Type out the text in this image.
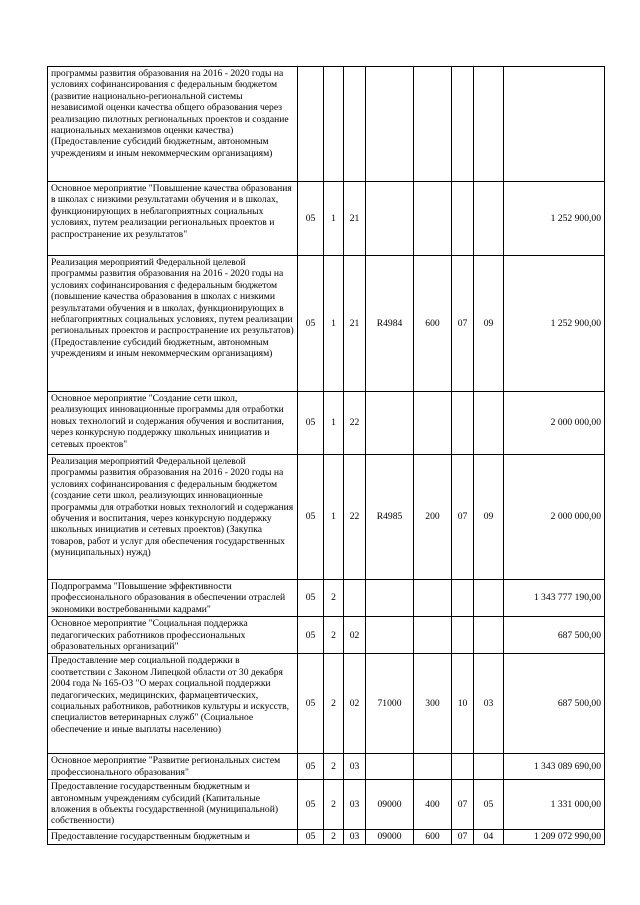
программы развития образования на 2016 - 2020 годы на условиях софинансирования с федеральным бюджетом (развитие национально-региональной системы независимой оценки качества общего образования через реализацию пилотных региональных проектов и создание национальных механизмов оценки качества) (Предоставление субсидий бюджетным, автономным учреждениям и иным некоммерческим организациям)								
Основное мероприятие "Повышение качества образования в школах с низкими результатами обучения и в школах, функционирующих в неблагоприятных социальных условиях, путем реализации региональных проектов и распространение их результатов"	05	1	21					1 252 900,00
Реализация мероприятий Федеральной целевой программы развития образования на 2016 - 2020 годы на условиях софинансирования с федеральным бюджетом (повышение качества образования в школах с низкими результатами обучения и в школах, функционирующих в неблагоприятных социальных условиях, путем реализации региональных проектов и распространение их результатов) (Предоставление субсидий бюджетным, автономным учреждениям и иным некоммерческим организациям)	05	1	21	R4984	600	07	09	1 252 900,00
Основное мероприятие "Создание сети школ, реализующих инновационные программы для отработки новых технологий и содержания обучения и воспитания, через конкурсную поддержку школьных инициатив и сетевых проектов"	05	1	22					2 000 000,00
Реализация мероприятий Федеральной целевой программы развития образования на 2016 - 2020 годы на условиях софинансирования с федеральным бюджетом (создание сети школ, реализующих инновационные программы для отработки новых технологий и содержания обучения и воспитания, через конкурсную поддержку школьных инициатив и сетевых проектов) (Закупка товаров, работ и услуг для обеспечения государственных (муниципальных) нужд)	05	1	22	R4985	200	07	09	2 000 000,00
Подпрограмма "Повышение эффективности профессионального образования в обеспечении отраслей экономики востребованными кадрами"	05	2						1 343 777 190,00
Основное мероприятие "Социальная поддержка педагогических работников профессиональных образовательных организаций"	05	2	02					687 500,00
Предоставление мер социальной поддержки в соответствии с Законом Липецкой области от 30 декабря 2004 года № 165-ОЗ "О мерах социальной поддержки педагогических, медицинских, фармацевтических, социальных работников, работников культуры и искусств, специалистов ветеринарных служб" (Социальное обеспечение и иные выплаты населению)	05	2	02	71000	300	10	03	687 500,00
Основное мероприятие "Развитие региональных систем профессионального образования"	05	2	03					1 343 089 690,00
Предоставление государственным бюджетным и автономным учреждениям субсидий (Капитальные вложения в объекты государственной (муниципальной) собственности)	05	2	03	09000	400	07	05	1 331 000,00
Предоставление государственным бюджетным и	05	2	03	09000	600	07	04	1 209 072 990,00
